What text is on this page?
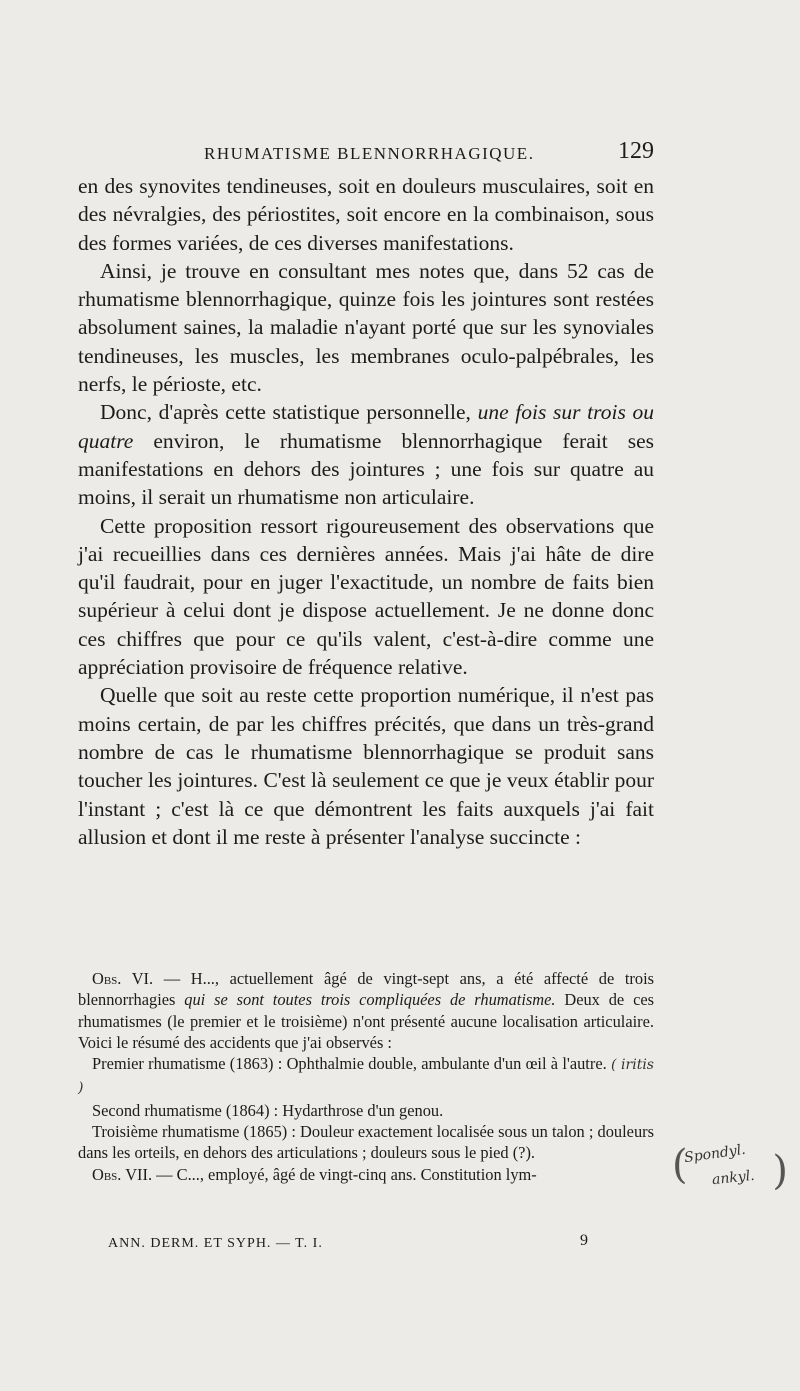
RHUMATISME BLENNORRHAGIQUE.	129

en des synovites tendineuses, soit en douleurs musculaires, soit en des névralgies, des périostites, soit encore en la combinaison, sous des formes variées, de ces diverses manifestations.

Ainsi, je trouve en consultant mes notes que, dans 52 cas de rhumatisme blennorrhagique, quinze fois les jointures sont restées absolument saines, la maladie n'ayant porté que sur les synoviales tendineuses, les muscles, les membranes oculo-palpébrales, les nerfs, le périoste, etc.

Donc, d'après cette statistique personnelle, une fois sur trois ou quatre environ, le rhumatisme blennorrhagique ferait ses manifestations en dehors des jointures ; une fois sur quatre au moins, il serait un rhumatisme non articulaire.

Cette proposition ressort rigoureusement des observations que j'ai recueillies dans ces dernières années. Mais j'ai hâte de dire qu'il faudrait, pour en juger l'exactitude, un nombre de faits bien supérieur à celui dont je dispose actuellement. Je ne donne donc ces chiffres que pour ce qu'ils valent, c'est-à-dire comme une appréciation provisoire de fréquence relative.

Quelle que soit au reste cette proportion numérique, il n'est pas moins certain, de par les chiffres précités, que dans un très-grand nombre de cas le rhumatisme blennorrhagique se produit sans toucher les jointures. C'est là seulement ce que je veux établir pour l'instant ; c'est là ce que démontrent les faits auxquels j'ai fait allusion et dont il me reste à présenter l'analyse succincte :

Obs. VI. — H..., actuellement âgé de vingt-sept ans, a été affecté de trois blennorrhagies qui se sont toutes trois compliquées de rhumatisme. Deux de ces rhumatismes (le premier et le troisième) n'ont présenté aucune localisation articulaire. Voici le résumé des accidents que j'ai observés :

Premier rhumatisme (1863) : Ophthalmie double, ambulante d'un œil à l'autre. ( iritis )

Second rhumatisme (1864) : Hydarthrose d'un genou.

Troisième rhumatisme (1865) : Douleur exactement localisée sous un talon ; douleurs dans les orteils, en dehors des articulations ; douleurs sous le pied (?).

Obs. VII. — C..., employé, âgé de vingt-cinq ans. Constitution lym-

ANN. DERM. ET SYPH. — T. I.	9
(
Spondyl.
ankyl. )
